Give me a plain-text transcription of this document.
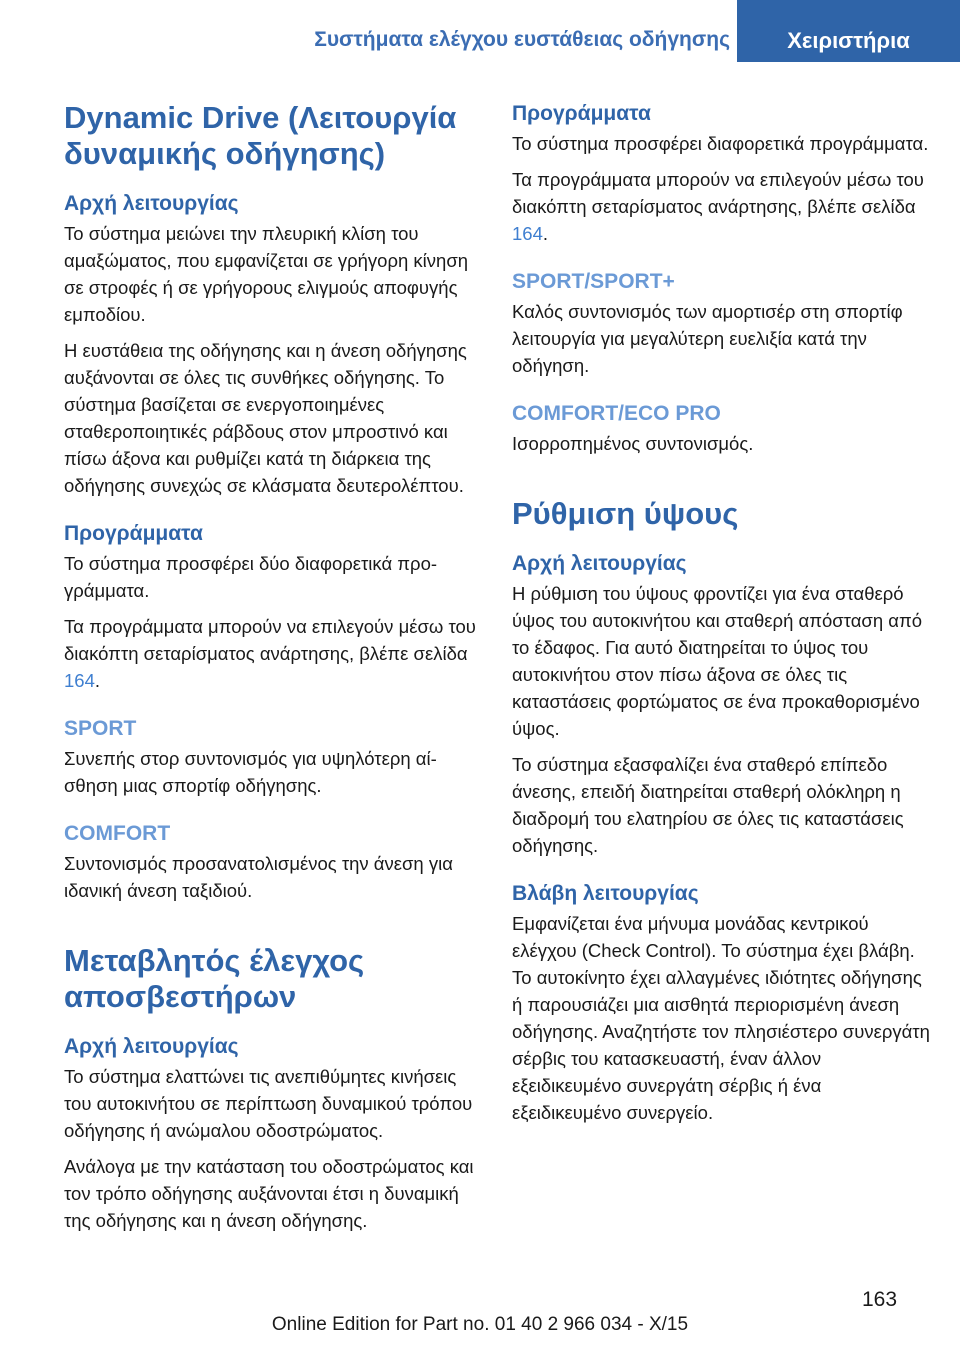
Συστήματα ελέγχου ευστάθειας οδήγησης	Χειριστήρια
Dynamic Drive (Λειτουργία δυναμικής οδήγησης)
Αρχή λειτουργίας

Το σύστημα μειώνει την πλευρική κλίση του αμαξώματος, που εμφανίζεται σε γρήγορη κίνηση σε στροφές ή σε γρήγορους ελιγμούς αποφυγής εμποδίου.

Η ευστάθεια της οδήγησης και η άνεση οδήγησης αυξάνονται σε όλες τις συνθήκες οδήγησης. Το σύστημα βασίζεται σε ενεργοποιημένες σταθεροποιητικές ράβδους στον μπροστινό και πίσω άξονα και ρυθμίζει κατά τη διάρκεια της οδήγησης συνεχώς σε κλάσματα δευτερολέπτου.

Προγράμματα

Το σύστημα προσφέρει δύο διαφορετικά προγράμματα.

Τα προγράμματα μπορούν να επιλεγούν μέσω του διακόπτη σεταρίσματος ανάρτησης, βλέπε σελίδα 164.

SPORT

Συνεπής στορ συντονισμός για υψηλότερη αίσθηση μιας σπορτίφ οδήγησης.

COMFORT

Συντονισμός προσανατολισμένος την άνεση για ιδανική άνεση ταξιδιού.

Μεταβλητός έλεγχος αποσβεστήρων
Αρχή λειτουργίας

Το σύστημα ελαττώνει τις ανεπιθύμητες κινήσεις του αυτοκινήτου σε περίπτωση δυναμικού τρόπου οδήγησης ή ανώμαλου οδοστρώματος.

Ανάλογα με την κατάσταση του οδοστρώματος και τον τρόπο οδήγησης αυξάνονται έτσι η δυναμική της οδήγησης και η άνεση οδήγησης.

Προγράμματα

Το σύστημα προσφέρει διαφορετικά προγράμματα.

Τα προγράμματα μπορούν να επιλεγούν μέσω του διακόπτη σεταρίσματος ανάρτησης, βλέπε σελίδα 164.

SPORT/SPORT+

Καλός συντονισμός των αμορτισέρ στη σπορτίφ λειτουργία για μεγαλύτερη ευελιξία κατά την οδήγηση.

COMFORT/ECO PRO

Ισορροπημένος συντονισμός.

Ρύθμιση ύψους
Αρχή λειτουργίας

Η ρύθμιση του ύψους φροντίζει για ένα σταθερό ύψος του αυτοκινήτου και σταθερή απόσταση από το έδαφος. Για αυτό διατηρείται το ύψος του αυτοκινήτου στον πίσω άξονα σε όλες τις καταστάσεις φορτώματος σε ένα προκαθορισμένο ύψος.

Το σύστημα εξασφαλίζει ένα σταθερό επίπεδο άνεσης, επειδή διατηρείται σταθερή ολόκληρη η διαδρομή του ελατηρίου σε όλες τις καταστάσεις οδήγησης.

Βλάβη λειτουργίας

Εμφανίζεται ένα μήνυμα μονάδας κεντρικού ελέγχου (Check Control). Το σύστημα έχει βλάβη. Το αυτοκίνητο έχει αλλαγμένες ιδιότητες οδήγησης ή παρουσιάζει μια αισθητά περιορισμένη άνεση οδήγησης. Αναζητήστε τον πλησιέστερο συνεργάτη σέρβις του κατασκευαστή, έναν άλλον εξειδικευμένο συνεργάτη σέρβις ή ένα εξειδικευμένο συνεργείο.

163
Online Edition for Part no. 01 40 2 966 034 - X/15
